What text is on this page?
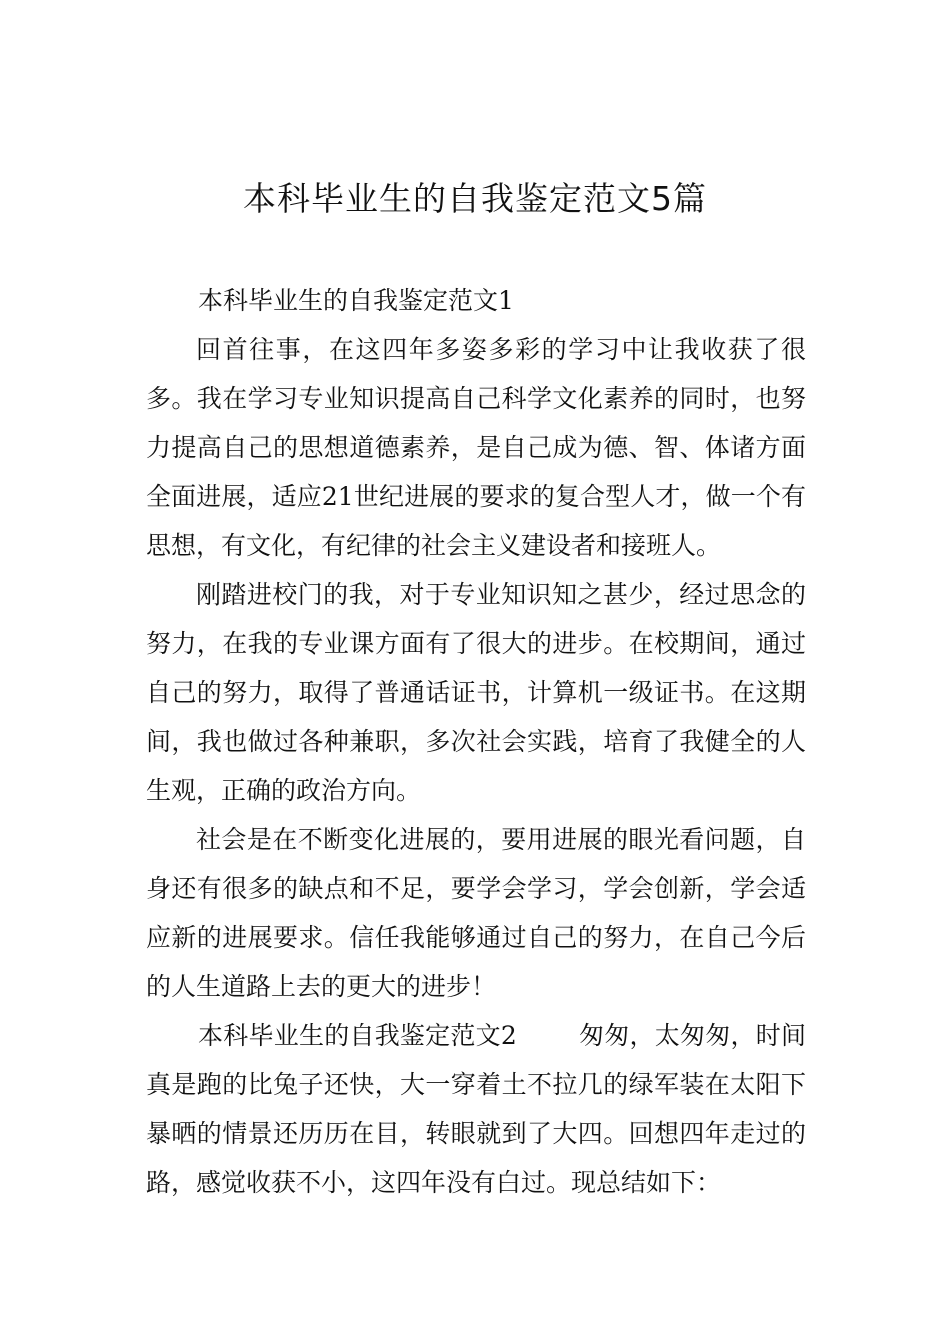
本科毕业生的自我鉴定范文5篇

本科毕业生的自我鉴定范文1

回首往事，在这四年多姿多彩的学习中让我收获了很多。我在学习专业知识提高自己科学文化素养的同时，也努力提高自己的思想道德素养，是自己成为德、智、体诸方面全面进展，适应21世纪进展的要求的复合型人才，做一个有思想，有文化，有纪律的社会主义建设者和接班人。

刚踏进校门的我，对于专业知识知之甚少，经过思念的努力，在我的专业课方面有了很大的进步。在校期间，通过自己的努力，取得了普通话证书，计算机一级证书。在这期间，我也做过各种兼职，多次社会实践，培育了我健全的人生观，正确的政治方向。

社会是在不断变化进展的，要用进展的眼光看问题，自身还有很多的缺点和不足，要学会学习，学会创新，学会适应新的进展要求。信任我能够通过自己的努力，在自己今后的人生道路上去的更大的进步！

本科毕业生的自我鉴定范文2 匆匆，太匆匆，时间真是跑的比兔子还快，大一穿着土不拉几的绿军装在太阳下暴晒的情景还历历在目，转眼就到了大四。回想四年走过的路，感觉收获不小，这四年没有白过。现总结如下：
